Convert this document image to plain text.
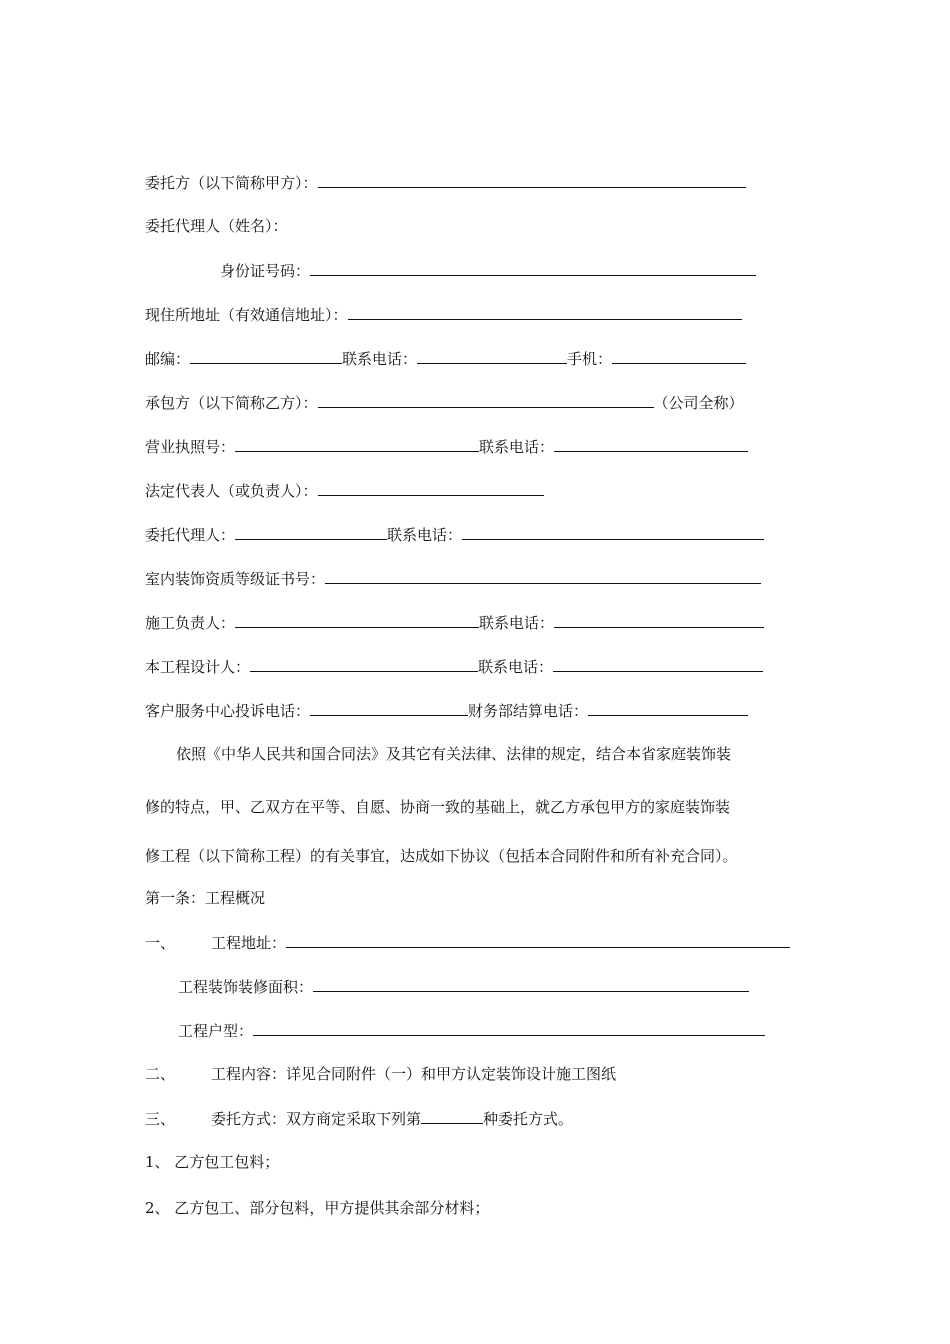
委托方（以下简称甲方）：
委托代理人（姓名）：
身份证号码：
现住所地址（有效通信地址）：
邮编：	联系电话：	手机：
承包方（以下简称乙方）：	（公司全称）
营业执照号：	联系电话：
法定代表人（或负责人）：
委托代理人：	联系电话：
室内装饰资质等级证书号：
施工负责人：	联系电话：
本工程设计人：	联系电话：
客户服务中心投诉电话：	财务部结算电话：
依照《中华人民共和国合同法》及其它有关法律、法律的规定，结合本省家庭装饰装
修的特点，甲、乙双方在平等、自愿、协商一致的基础上，就乙方承包甲方的家庭装饰装
修工程（以下简称工程）的有关事宜，达成如下协议（包括本合同附件和所有补充合同）。
第一条：工程概况
一、 工程地址：
工程装饰装修面积：
工程户型：
二、 工程内容：详见合同附件（一）和甲方认定装饰设计施工图纸
三、 委托方式：双方商定采取下列第	种委托方式。
1、 乙方包工包料；
2、 乙方包工、部分包料，甲方提供其余部分材料；
